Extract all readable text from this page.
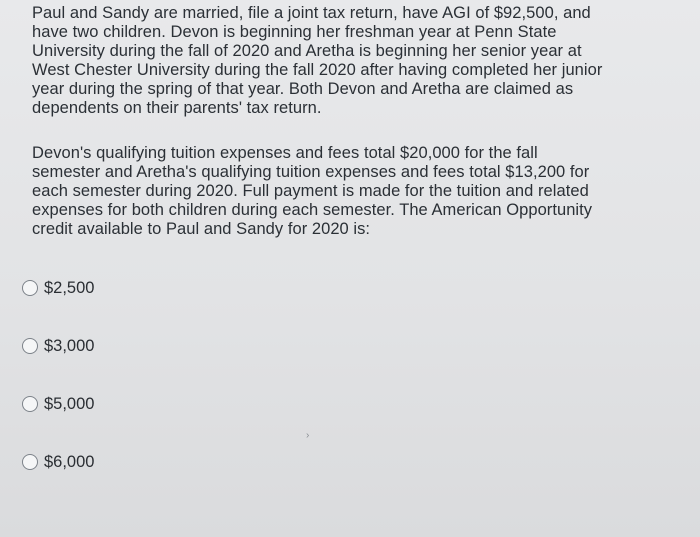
Paul and Sandy are married, file a joint tax return, have AGI of $92,500, and
have two children. Devon is beginning her freshman year at Penn State
University during the fall of 2020 and Aretha is beginning her senior year at
West Chester University during the fall 2020 after having completed her junior
year during the spring of that year. Both Devon and Aretha are claimed as
dependents on their parents' tax return.

Devon's qualifying tuition expenses and fees total $20,000 for the fall
semester and Aretha's qualifying tuition expenses and fees total $13,200 for
each semester during 2020. Full payment is made for the tuition and related
expenses for both children during each semester. The American Opportunity
credit available to Paul and Sandy for 2020 is:

$2,500
$3,000
$5,000
$6,000
›
